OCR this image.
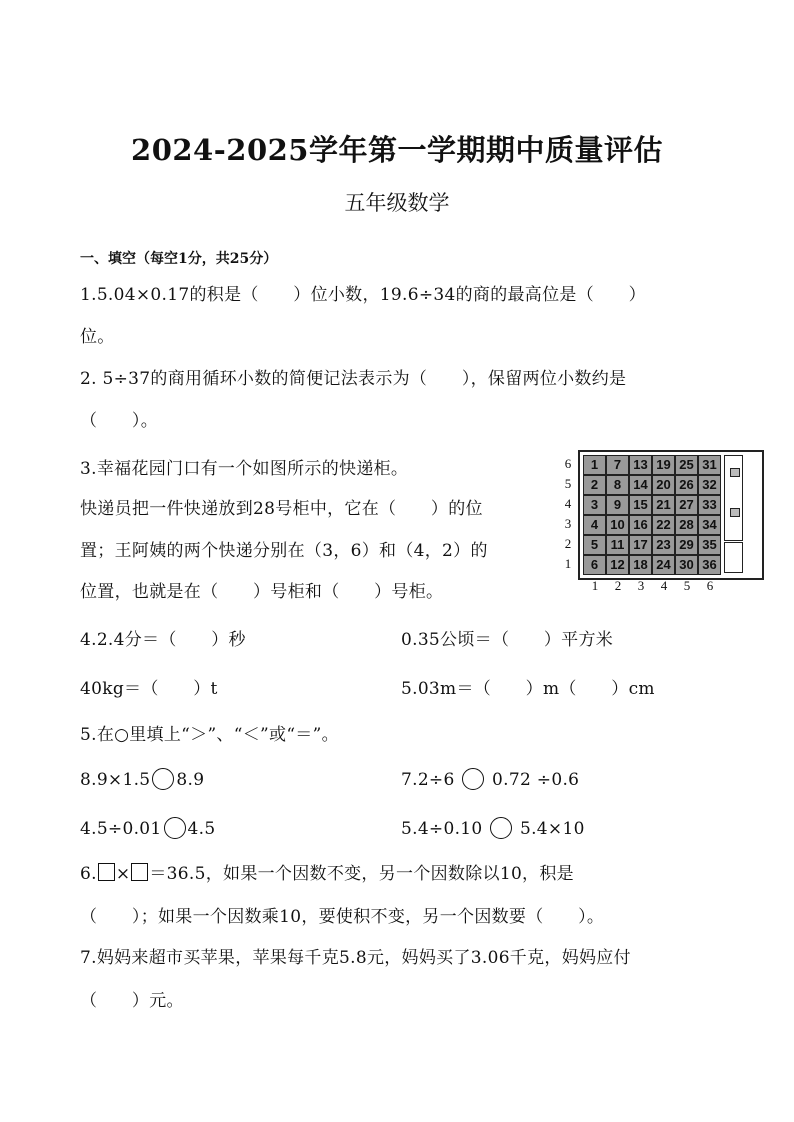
2024-2025学年第一学期期中质量评估
五年级数学
一、填空（每空1分，共25分）
1.5.04×0.17的积是（　　）位小数，19.6÷34的商的最高位是（　　）
位。
2. 5÷37的商用循环小数的简便记法表示为（　　），保留两位小数约是
（　　）。
3.幸福花园门口有一个如图所示的快递柜。
快递员把一件快递放到28号柜中，它在（　　）的位
置；王阿姨的两个快递分别在（3，6）和（4，2）的
位置，也就是在（　　）号柜和（　　）号柜。
6	1	7 13 19 25 31
5	2	8 14 20 26 32
4	3	9 15 21 27 33
3	4 10 16 22 28 34
2	5 11 17 23 29 35
1	6 12 18 24 30 36
1	2	3	4	5	6
4.2.4分＝（　　）秒	0.35公顷＝（　　）平方米
40kg＝（　　）t	5.03m＝（　　）m（　　）cm
5.在○里填上“＞”、“＜”或“＝”。
8.9×1.5 8.9	7.2÷6 0.72 ÷0.6
4.5÷0.01 4.5	5.4÷0.10 5.4×10
6. × ＝36.5，如果一个因数不变，另一个因数除以10，积是
（　　）；如果一个因数乘10，要使积不变，另一个因数要（　　）。
7.妈妈来超市买苹果，苹果每千克5.8元，妈妈买了3.06千克，妈妈应付
（　　）元。
